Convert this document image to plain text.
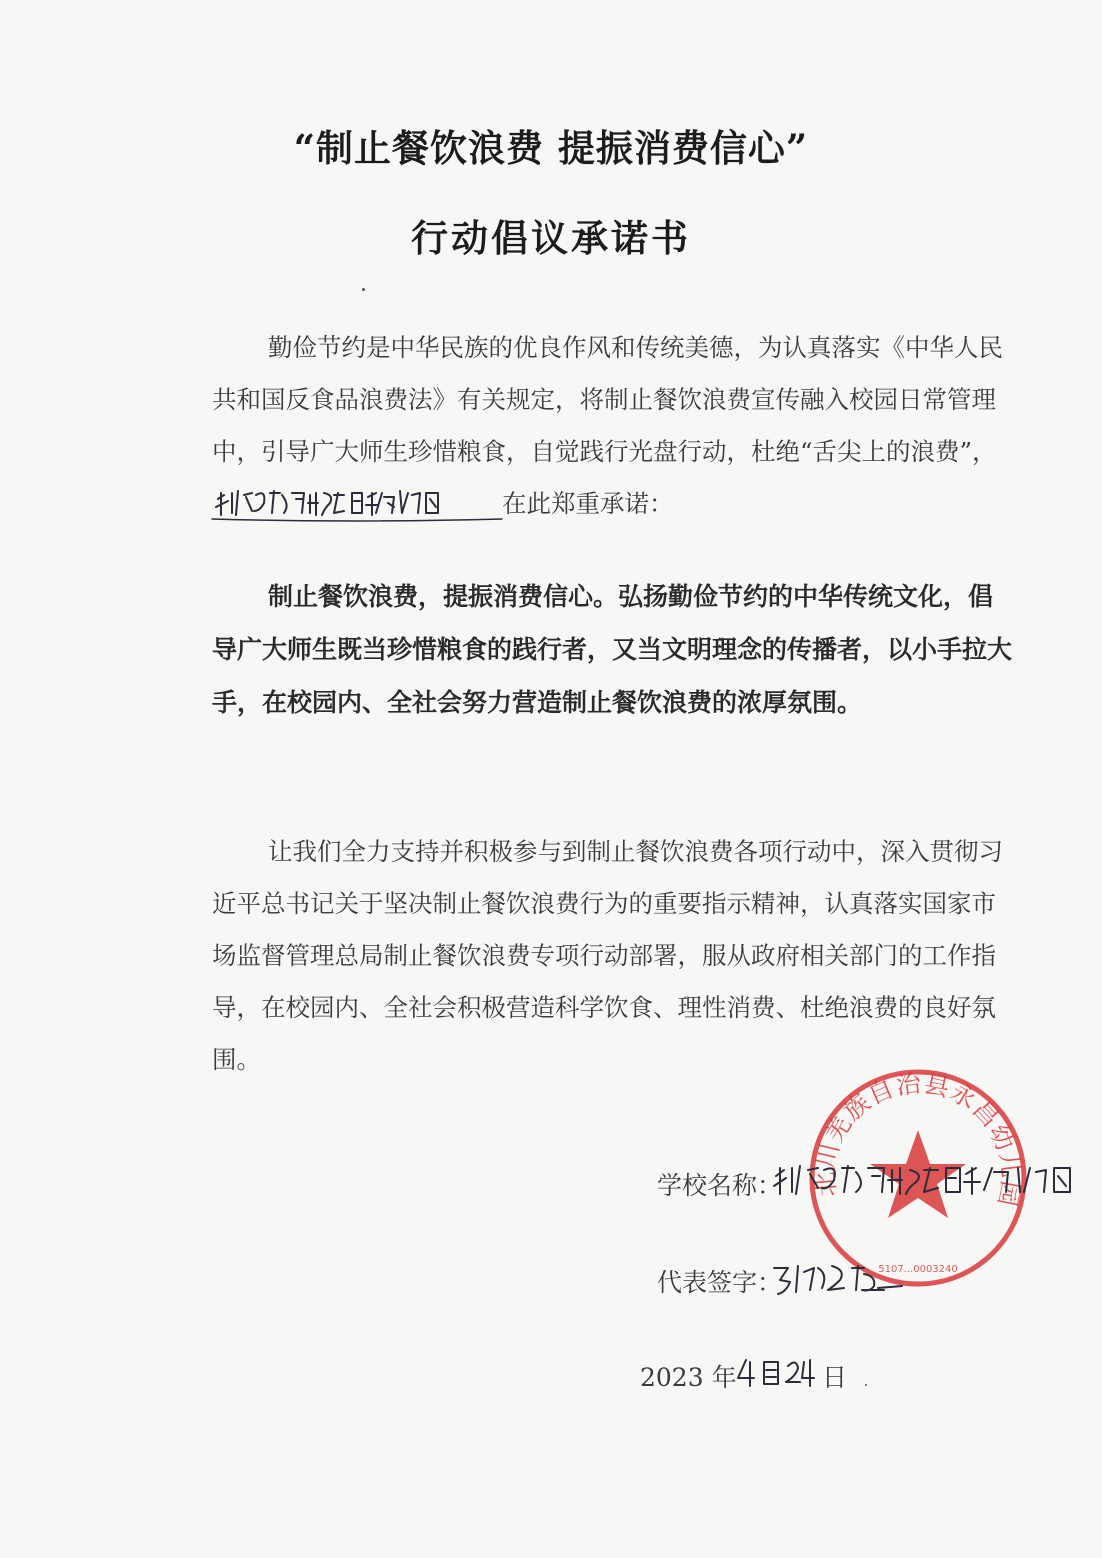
“制止餐饮浪费 提振消费信心”
行动倡议承诺书

勤俭节约是中华民族的优良作风和传统美德，为认真落实《中华人民共和国反食品浪费法》有关规定，将制止餐饮浪费宣传融入校园日常管理中，引导广大师生珍惜粮食，自觉践行光盘行动，杜绝“舌尖上的浪费”，
在此郑重承诺：

制止餐饮浪费，提振消费信心。弘扬勤俭节约的中华传统文化，倡导广大师生既当珍惜粮食的践行者，又当文明理念的传播者，以小手拉大手，在校园内、全社会努力营造制止餐饮浪费的浓厚氛围。

让我们全力支持并积极参与到制止餐饮浪费各项行动中，深入贯彻习近平总书记关于坚决制止餐饮浪费行为的重要指示精神，认真落实国家市场监督管理总局制止餐饮浪费专项行动部署，服从政府相关部门的工作指导，在校园内、全社会积极营造科学饮食、理性消费、杜绝浪费的良好氛围。

北川羌族自治县永昌幼儿园
5107...0003240
学校名称：
代表签字：
2023 年	日
